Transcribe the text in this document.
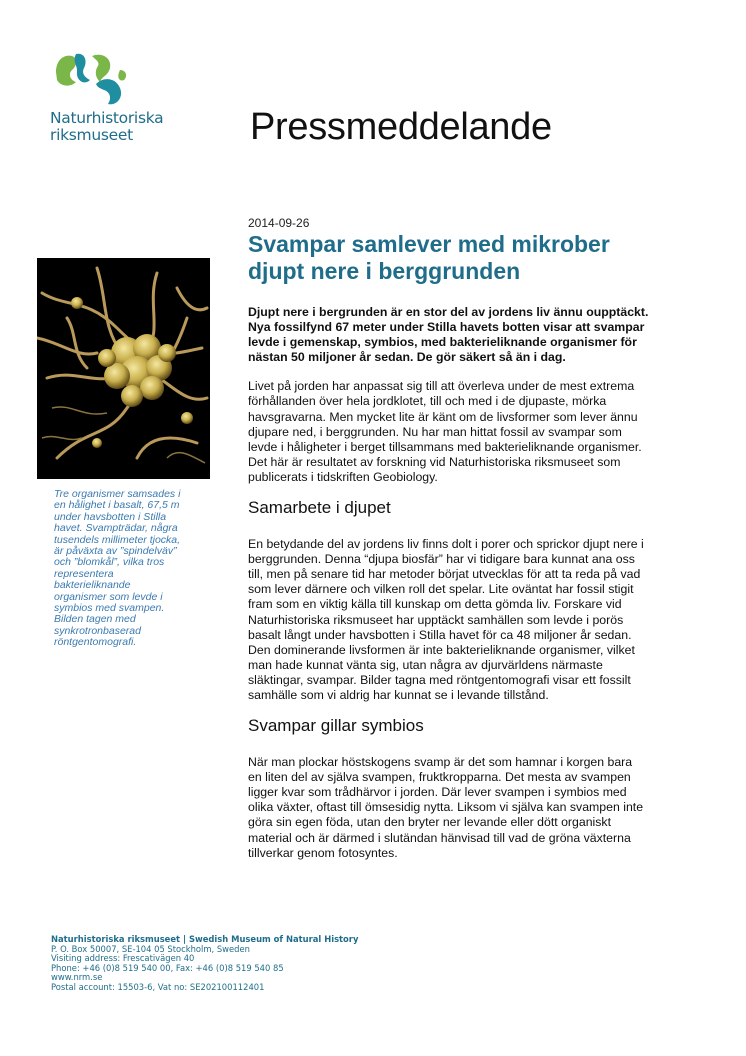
Naturhistoriska
riksmuseet	Pressmeddelande
2014-09-26
Svampar samlever med mikrober
djupt nere i berggrunden
Tre organismer samsades i
en hålighet i basalt, 67,5 m
under havsbotten i Stilla
havet. Svampträdar, några
tusendels millimeter tjocka,
är påväxta av ”spindelväv”
och ”blomkål”, vilka tros
representera
bakterieliknande
organismer som levde i
symbios med svampen.
Bilden tagen med
synkrotronbaserad
röntgentomografi.
Djupt nere i bergrunden är en stor del av jordens liv ännu oupptäckt.
Nya fossilfynd 67 meter under Stilla havets botten visar att svampar
levde i gemenskap, symbios, med bakterieliknande organismer för
nästan 50 miljoner år sedan. De gör säkert så än i dag.
Livet på jorden har anpassat sig till att överleva under de mest extrema
förhållanden över hela jordklotet, till och med i de djupaste, mörka
havsgravarna. Men mycket lite är känt om de livsformer som lever ännu
djupare ned, i berggrunden. Nu har man hittat fossil av svampar som
levde i håligheter i berget tillsammans med bakterieliknande organismer.
Det här är resultatet av forskning vid Naturhistoriska riksmuseet som
publicerats i tidskriften Geobiology.
Samarbete i djupet
En betydande del av jordens liv finns dolt i porer och sprickor djupt nere i
berggrunden. Denna “djupa biosfär” har vi tidigare bara kunnat ana oss
till, men på senare tid har metoder börjat utvecklas för att ta reda på vad
som lever därnere och vilken roll det spelar. Lite oväntat har fossil stigit
fram som en viktig källa till kunskap om detta gömda liv. Forskare vid
Naturhistoriska riksmuseet har upptäckt samhällen som levde i porös
basalt långt under havsbotten i Stilla havet för ca 48 miljoner år sedan.
Den dominerande livsformen är inte bakterieliknande organismer, vilket
man hade kunnat vänta sig, utan några av djurvärldens närmaste
släktingar, svampar. Bilder tagna med röntgentomografi visar ett fossilt
samhälle som vi aldrig har kunnat se i levande tillstånd.
Svampar gillar symbios
När man plockar höstskogens svamp är det som hamnar i korgen bara
en liten del av själva svampen, fruktkropparna. Det mesta av svampen
ligger kvar som trådhärvor i jorden. Där lever svampen i symbios med
olika växter, oftast till ömsesidig nytta. Liksom vi själva kan svampen inte
göra sin egen föda, utan den bryter ner levande eller dött organiskt
material och är därmed i slutändan hänvisad till vad de gröna växterna
tillverkar genom fotosyntes.
Naturhistoriska riksmuseet | Swedish Museum of Natural History
P. O. Box 50007, SE-104 05 Stockholm, Sweden
Visiting address: Frescativägen 40
Phone: +46 (0)8 519 540 00, Fax: +46 (0)8 519 540 85
www.nrm.se
Postal account: 15503-6, Vat no: SE202100112401
